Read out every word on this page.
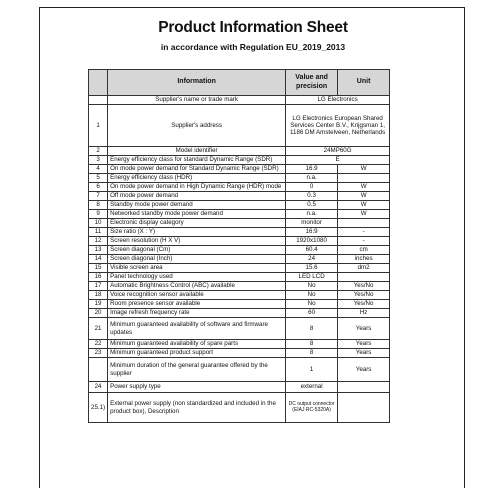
Product Information Sheet
in accordance with Regulation EU_2019_2013
	Information	Value and precision	Unit
	Supplier's name or trade mark	LG Electronics	
1	Supplier's address	LG Electronics European Shared Services Center B.V., Krijgsman 1, 1186 DM Amstelveen, Netherlands	
2	Model identifier	24MP60G	
3	Energy efficiency class for standard Dynamic Range (SDR)	E	
4	On mode power demand for Standard Dynamic Range (SDR)	16.9	W
5	Energy efficiency class (HDR)	n.a.	
6	On mode power demand in High Dynamic Range (HDR) mode	0	W
7	Off mode power demand	0.3	W
8	Standby mode power demand	0.5	W
9	Networked standby mode power demand	n.a.	W
10	Electronic display category	monitor	
11	Size ratio (X : Y)	16:9	-
12	Screen resolution (H X V)	1920x1080	-
13	Screen diagonal (Cm)	60.4	cm
14	Screen diagonal (Inch)	24	inches
15	Visible screen area	15.6	dm2
16	Panel technology used	LED LCD	
17	Automatic Brightness Control (ABC) available	No	Yes/No
18	Voice recognition sensor available	No	Yes/No
19	Room presence sensor available	No	Yes/No
20	Image refresh frequency rate	60	Hz
21	Minimum guaranteed availability of software and firmware updates	8	Years
22	Minimum guaranteed availability of spare parts	8	Years
23	Minimum guaranteed product support	8	Years
	Minimum duration of the general guarantee offered by the supplier	1	Years
24	Power supply type	external	
25.1)	External power supply (non standardized and included in the product box), Description	DC output connector (EIAJ RC-5320A)	
